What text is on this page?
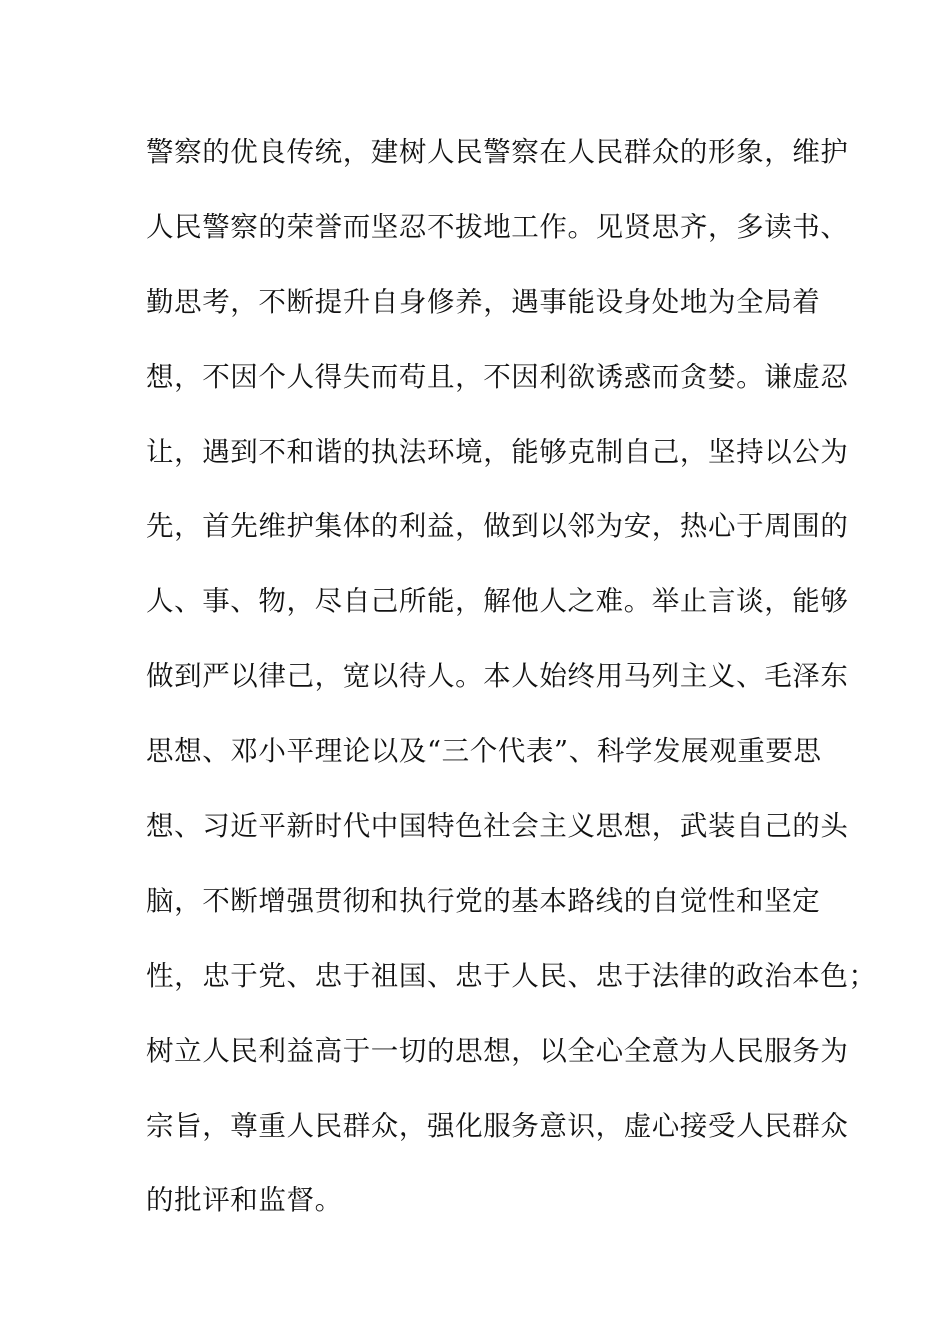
警察的优良传统，建树人民警察在人民群众的形象，维护
人民警察的荣誉而坚忍不拔地工作。见贤思齐，多读书、
勤思考，不断提升自身修养，遇事能设身处地为全局着
想，不因个人得失而苟且，不因利欲诱惑而贪婪。谦虚忍
让，遇到不和谐的执法环境，能够克制自己，坚持以公为
先，首先维护集体的利益，做到以邻为安，热心于周围的
人、事、物，尽自己所能，解他人之难。举止言谈，能够
做到严以律己，宽以待人。本人始终用马列主义、毛泽东
思想、邓小平理论以及“三个代表”、科学发展观重要思
想、习近平新时代中国特色社会主义思想，武装自己的头
脑，不断增强贯彻和执行党的基本路线的自觉性和坚定
性，忠于党、忠于祖国、忠于人民、忠于法律的政治本色；
树立人民利益高于一切的思想，以全心全意为人民服务为
宗旨，尊重人民群众，强化服务意识，虚心接受人民群众
的批评和监督。
